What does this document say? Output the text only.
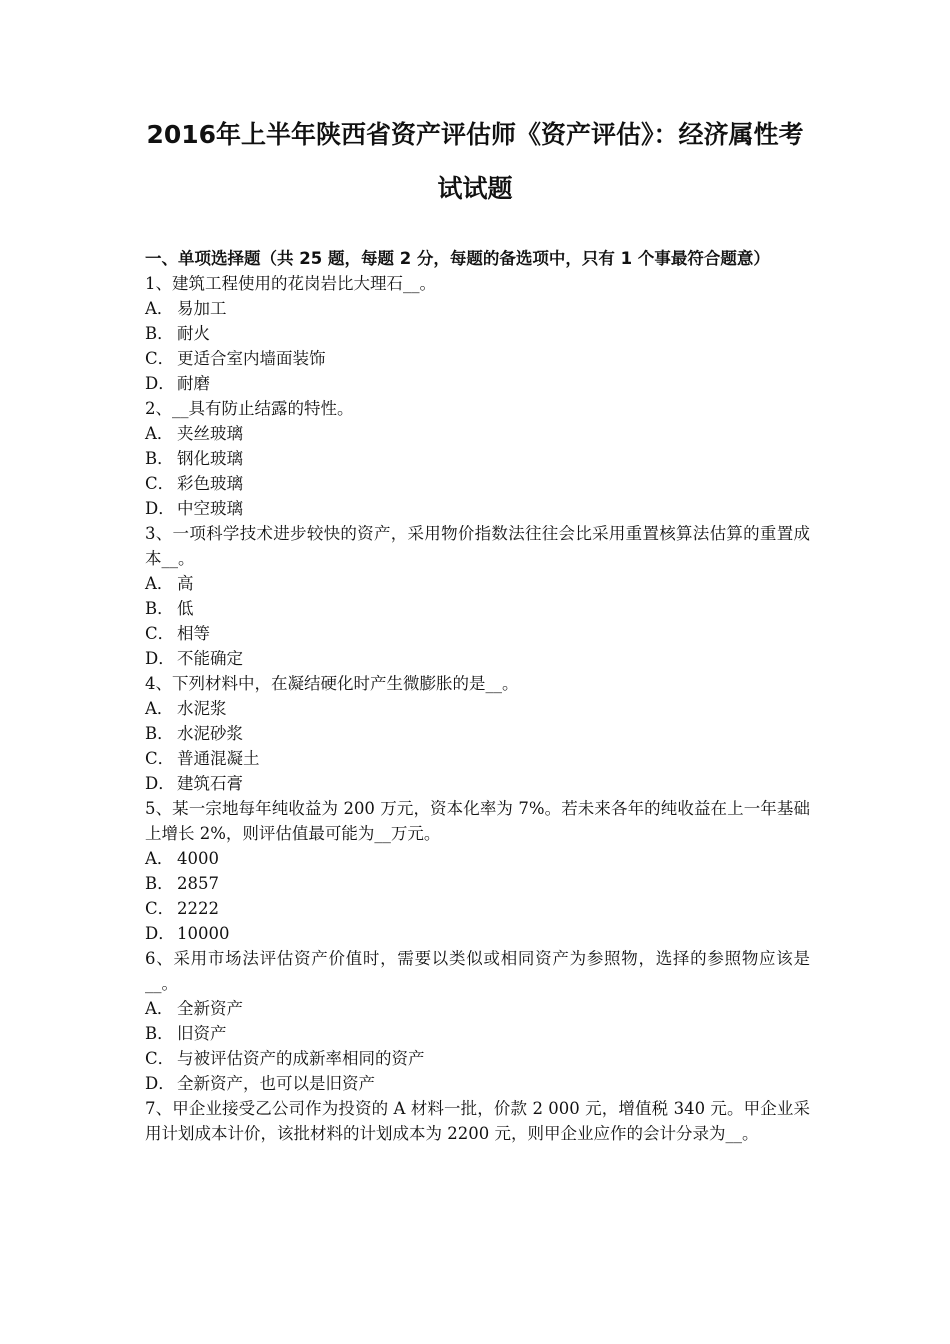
2016年上半年陕西省资产评估师《资产评估》：经济属性考
试试题
一、单项选择题（共 25 题，每题 2 分，每题的备选项中，只有 1 个事最符合题意）
1、建筑工程使用的花岗岩比大理石__。
A． 易加工
B． 耐火
C． 更适合室内墙面装饰
D． 耐磨
2、__具有防止结露的特性。
A． 夹丝玻璃
B． 钢化玻璃
C． 彩色玻璃
D． 中空玻璃
3、一项科学技术进步较快的资产，采用物价指数法往往会比采用重置核算法估算的重置成本__。
A． 高
B． 低
C． 相等
D． 不能确定
4、下列材料中，在凝结硬化时产生微膨胀的是__。
A． 水泥浆
B． 水泥砂浆
C． 普通混凝土
D． 建筑石膏
5、某一宗地每年纯收益为 200 万元，资本化率为 7%。若未来各年的纯收益在上一年基础上增长 2%，则评估值最可能为__万元。
A． 4000
B． 2857
C． 2222
D． 10000
6、采用市场法评估资产价值时，需要以类似或相同资产为参照物，选择的参照物应该是__。
A． 全新资产
B． 旧资产
C． 与被评估资产的成新率相同的资产
D． 全新资产，也可以是旧资产
7、甲企业接受乙公司作为投资的 A 材料一批，价款 2 000 元，增值税 340 元。甲企业采用计划成本计价，该批材料的计划成本为 2200 元，则甲企业应作的会计分录为__。
